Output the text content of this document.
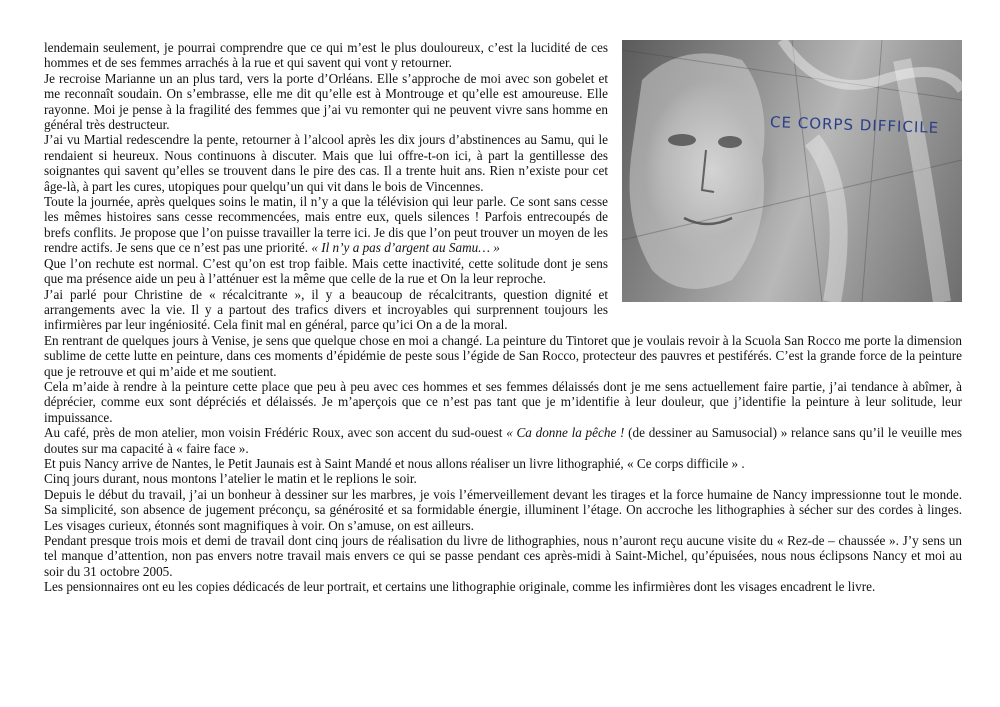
CE CORPS DIFFICILE

lendemain seulement, je pourrai comprendre que ce qui m’est le plus douloureux, c’est la lucidité de ces hommes et de ses femmes arrachés à la rue et qui savent qui vont y retourner.

Je recroise Marianne un an plus tard, vers la porte d’Orléans. Elle s’approche de moi avec son gobelet et me reconnaît soudain. On s’embrasse, elle me dit qu’elle est à Montrouge et qu’elle est amoureuse. Elle rayonne. Moi je pense à la fragilité des femmes que j’ai vu remonter qui ne peuvent vivre sans homme en général très destructeur.

J’ai vu Martial redescendre la pente, retourner à l’alcool après les dix jours d’abstinences au Samu, qui le rendaient si heureux. Nous continuons à discuter. Mais que lui offre-t-on ici, à part la gentillesse des soignantes qui savent qu’elles se trouvent dans le pire des cas. Il a trente huit ans. Rien n’existe pour cet âge-là, à part les cures, utopiques pour quelqu’un qui vit dans le bois de Vincennes.

Toute la journée, après quelques soins le matin, il n’y a que la télévision qui leur parle. Ce sont sans cesse les mêmes histoires sans cesse recommencées, mais entre eux, quels silences ! Parfois entrecoupés de brefs conflits. Je propose que l’on puisse travailler la terre ici. Je dis que l’on peut trouver un moyen de les rendre actifs. Je sens que ce n’est pas une priorité. « Il n’y a pas d’argent au Samu… »

Que l’on rechute est normal. C’est qu’on est trop faible. Mais cette inactivité, cette solitude dont je sens que ma présence aide un peu à l’atténuer est la même que celle de la rue et On la leur reproche.

J’ai parlé pour Christine de « récalcitrante », il y a beaucoup de récalcitrants, question dignité et arrangements avec la vie. Il y a partout des trafics divers et incroyables qui surprennent toujours les infirmières par leur ingéniosité. Cela finit mal en général, parce qu’ici On a de la moral.

En rentrant de quelques jours à Venise, je sens que quelque chose en moi a changé. La peinture du Tintoret que je voulais revoir à la Scuola San Rocco me porte la dimension sublime de cette lutte en peinture, dans ces moments d’épidémie de peste sous l’égide de San Rocco, protecteur des pauvres et pestiférés. C’est la grande force de la peinture que je retrouve et qui m’aide et me soutient.

Cela m’aide à rendre à la peinture cette place que peu à peu avec ces hommes et ses femmes délaissés dont je me sens actuellement faire partie, j’ai tendance à abîmer, à déprécier, comme eux sont dépréciés et délaissés. Je m’aperçois que ce n’est pas tant que je m’identifie à leur douleur, que j’identifie la peinture à leur solitude, leur impuissance.

Au café, près de mon atelier, mon voisin Frédéric Roux, avec son accent du sud-ouest « Ca donne la pêche ! (de dessiner au Samusocial) » relance sans qu’il le veuille mes doutes sur ma capacité à « faire face ».

Et puis Nancy arrive de Nantes, le Petit Jaunais est à Saint Mandé et nous allons réaliser un livre lithographié, « Ce corps difficile » .

Cinq jours durant, nous montons l’atelier le matin et le replions le soir.

Depuis le début du travail, j’ai un bonheur à dessiner sur les marbres, je vois l’émerveillement devant les tirages et la force humaine de Nancy impressionne tout le monde. Sa simplicité, son absence de jugement préconçu, sa générosité et sa formidable énergie, illuminent l’étage. On accroche les lithographies à sécher sur des cordes à linges. Les visages curieux, étonnés sont magnifiques à voir. On s’amuse, on est ailleurs.

Pendant presque trois mois et demi de travail dont cinq jours de réalisation du livre de lithographies, nous n’auront reçu aucune visite du « Rez-de – chaussée ». J’y sens un tel manque d’attention, non pas envers notre travail mais envers ce qui se passe pendant ces après-midi à Saint-Michel, qu’épuisées, nous nous éclipsons Nancy et moi au soir du 31 octobre 2005.

Les pensionnaires ont eu les copies dédicacés de leur portrait, et certains une lithographie originale, comme les infirmières dont les visages encadrent le livre.
